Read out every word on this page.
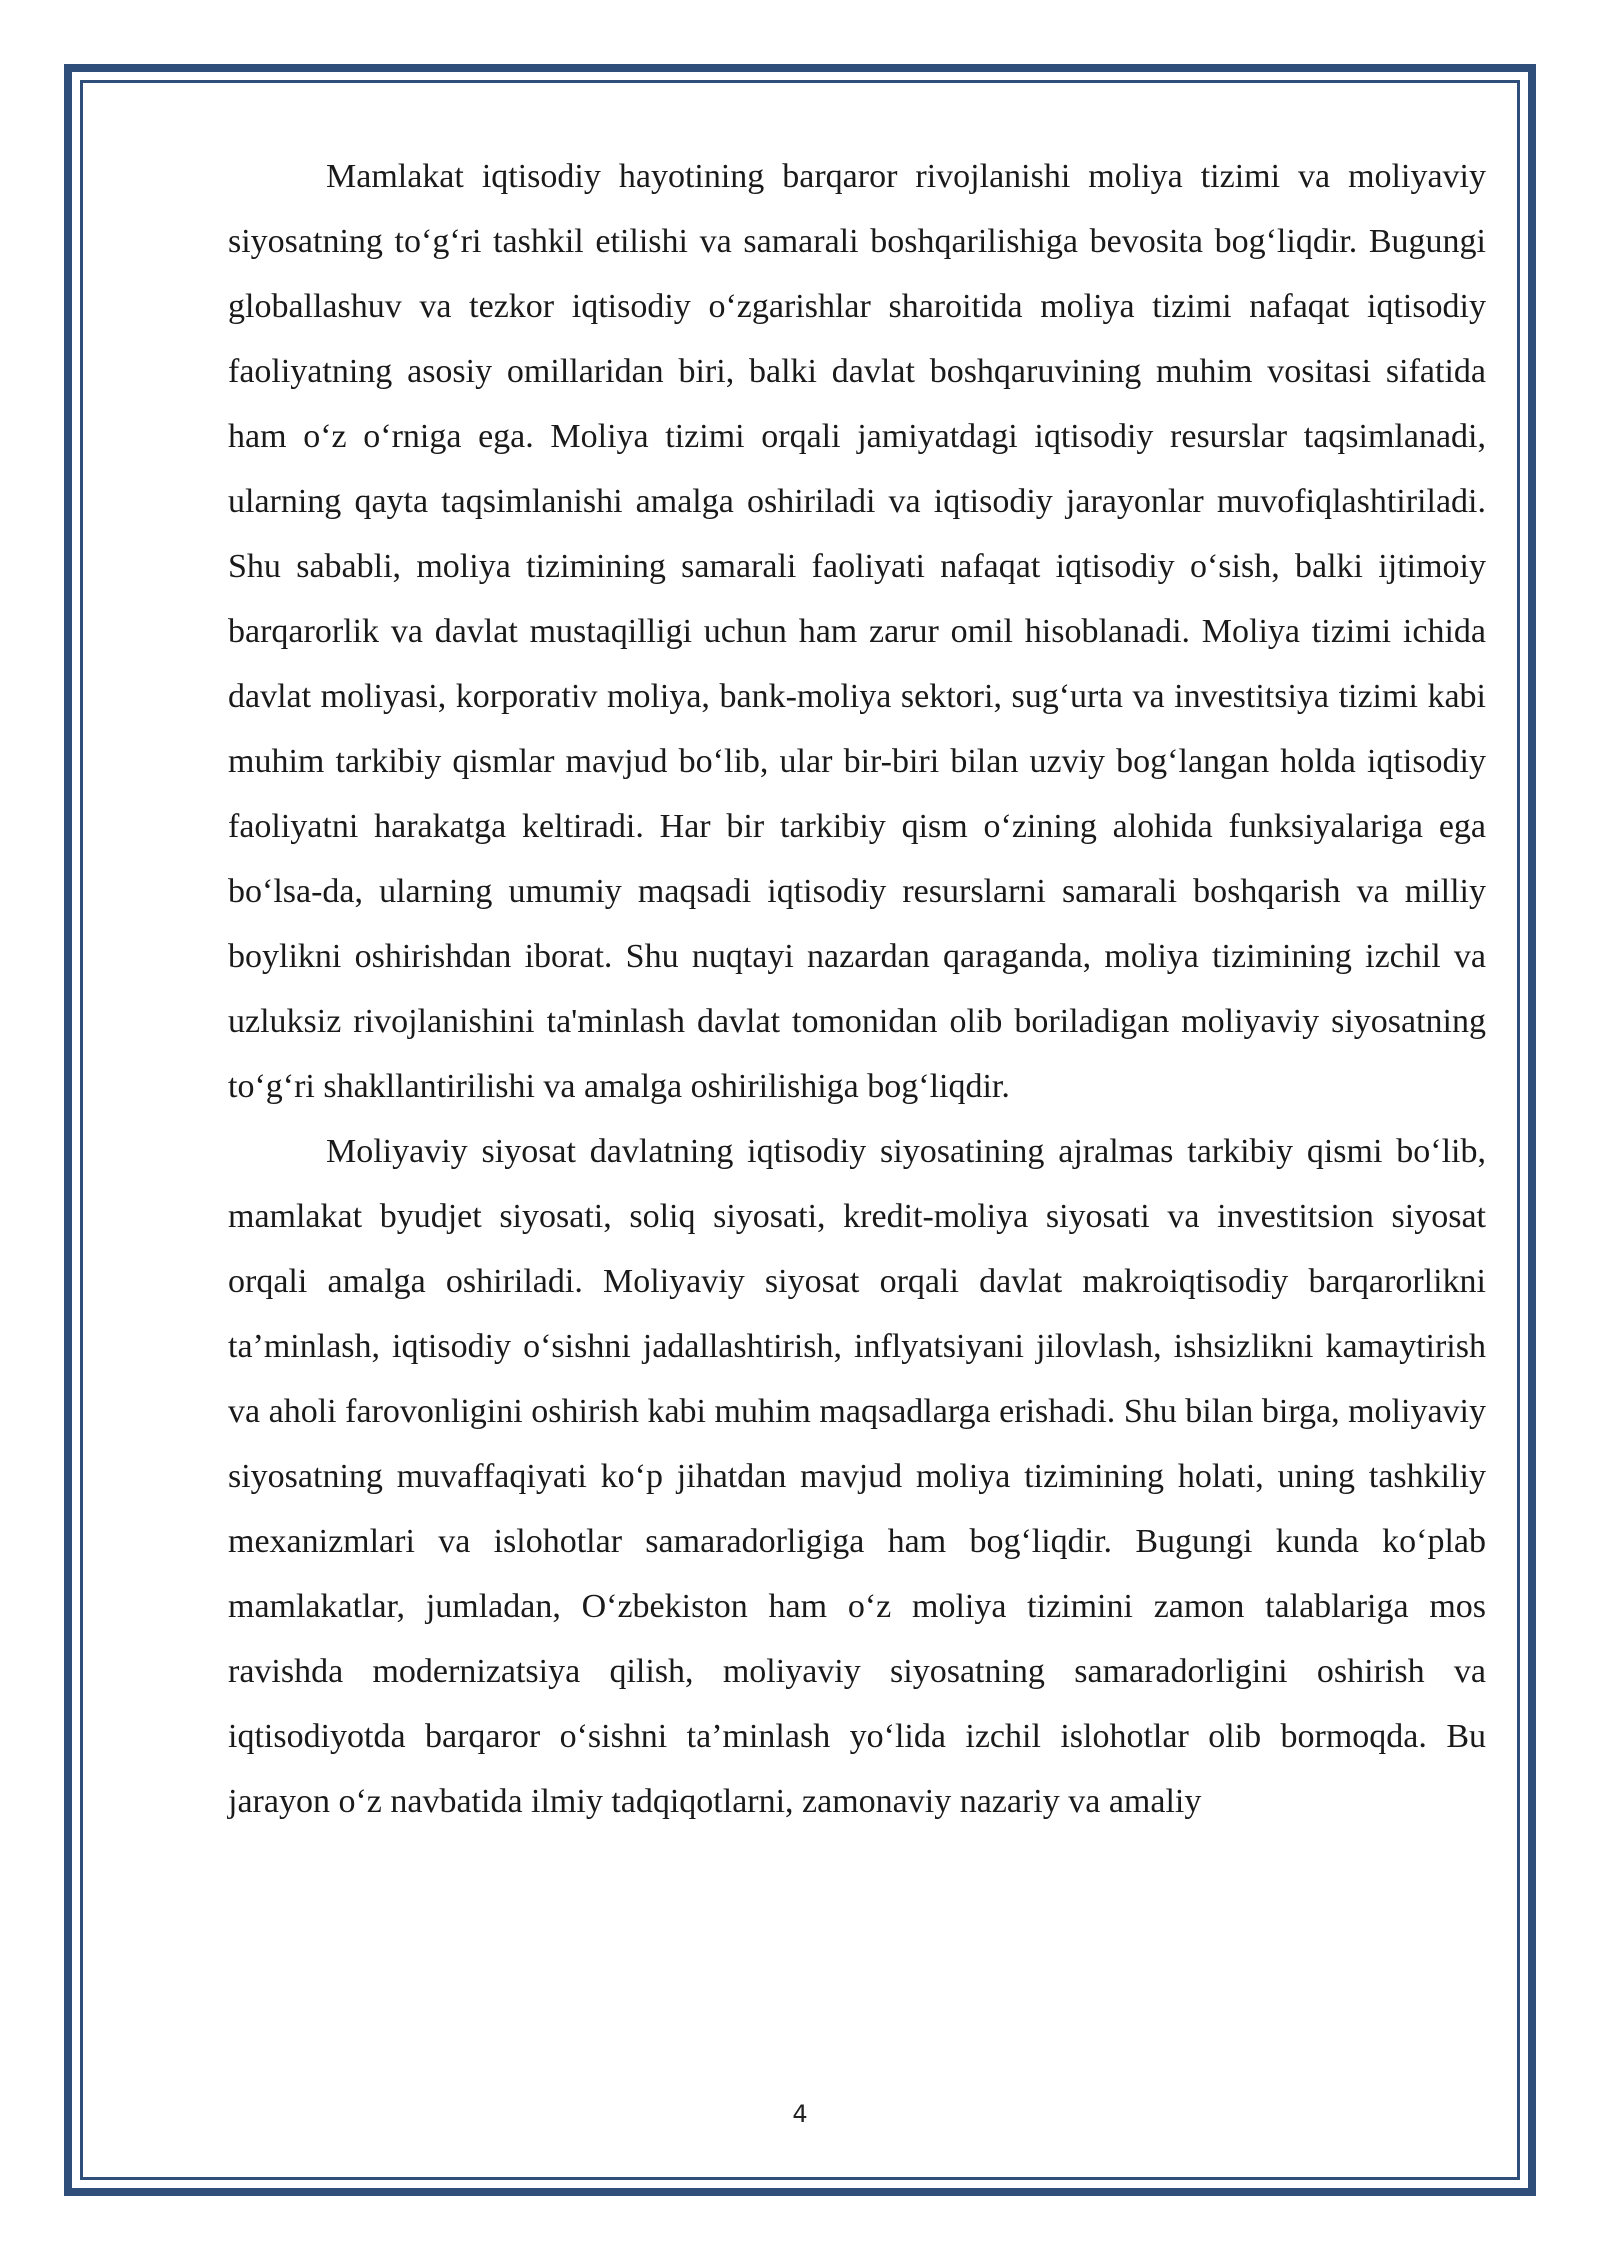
Mamlakat iqtisodiy hayotining barqaror rivojlanishi moliya tizimi va moliyaviy siyosatning to‘g‘ri tashkil etilishi va samarali boshqarilishiga bevosita bog‘liqdir. Bugungi globallashuv va tezkor iqtisodiy o‘zgarishlar sharoitida moliya tizimi nafaqat iqtisodiy faoliyatning asosiy omillaridan biri, balki davlat boshqaruvining muhim vositasi sifatida ham o‘z o‘rniga ega. Moliya tizimi orqali jamiyatdagi iqtisodiy resurslar taqsimlanadi, ularning qayta taqsimlanishi amalga oshiriladi va iqtisodiy jarayonlar muvofiqlashtiriladi. Shu sababli, moliya tizimining samarali faoliyati nafaqat iqtisodiy o‘sish, balki ijtimoiy barqarorlik va davlat mustaqilligi uchun ham zarur omil hisoblanadi. Moliya tizimi ichida davlat moliyasi, korporativ moliya, bank-moliya sektori, sug‘urta va investitsiya tizimi kabi muhim tarkibiy qismlar mavjud bo‘lib, ular bir-biri bilan uzviy bog‘langan holda iqtisodiy faoliyatni harakatga keltiradi. Har bir tarkibiy qism o‘zining alohida funksiyalariga ega bo‘lsa-da, ularning umumiy maqsadi iqtisodiy resurslarni samarali boshqarish va milliy boylikni oshirishdan iborat. Shu nuqtayi nazardan qaraganda, moliya tizimining izchil va uzluksiz rivojlanishini ta'minlash davlat tomonidan olib boriladigan moliyaviy siyosatning to‘g‘ri shakllantirilishi va amalga oshirilishiga bog‘liqdir.

Moliyaviy siyosat davlatning iqtisodiy siyosatining ajralmas tarkibiy qismi bo‘lib, mamlakat byudjet siyosati, soliq siyosati, kredit-moliya siyosati va investitsion siyosat orqali amalga oshiriladi. Moliyaviy siyosat orqali davlat makroiqtisodiy barqarorlikni ta’minlash, iqtisodiy o‘sishni jadallashtirish, inflyatsiyani jilovlash, ishsizlikni kamaytirish va aholi farovonligini oshirish kabi muhim maqsadlarga erishadi. Shu bilan birga, moliyaviy siyosatning muvaffaqiyati ko‘p jihatdan mavjud moliya tizimining holati, uning tashkiliy mexanizmlari va islohotlar samaradorligiga ham bog‘liqdir. Bugungi kunda ko‘plab mamlakatlar, jumladan, O‘zbekiston ham o‘z moliya tizimini zamon talablariga mos ravishda modernizatsiya qilish, moliyaviy siyosatning samaradorligini oshirish va iqtisodiyotda barqaror o‘sishni ta’minlash yo‘lida izchil islohotlar olib bormoqda. Bu jarayon o‘z navbatida ilmiy tadqiqotlarni, zamonaviy nazariy va amaliy

4
